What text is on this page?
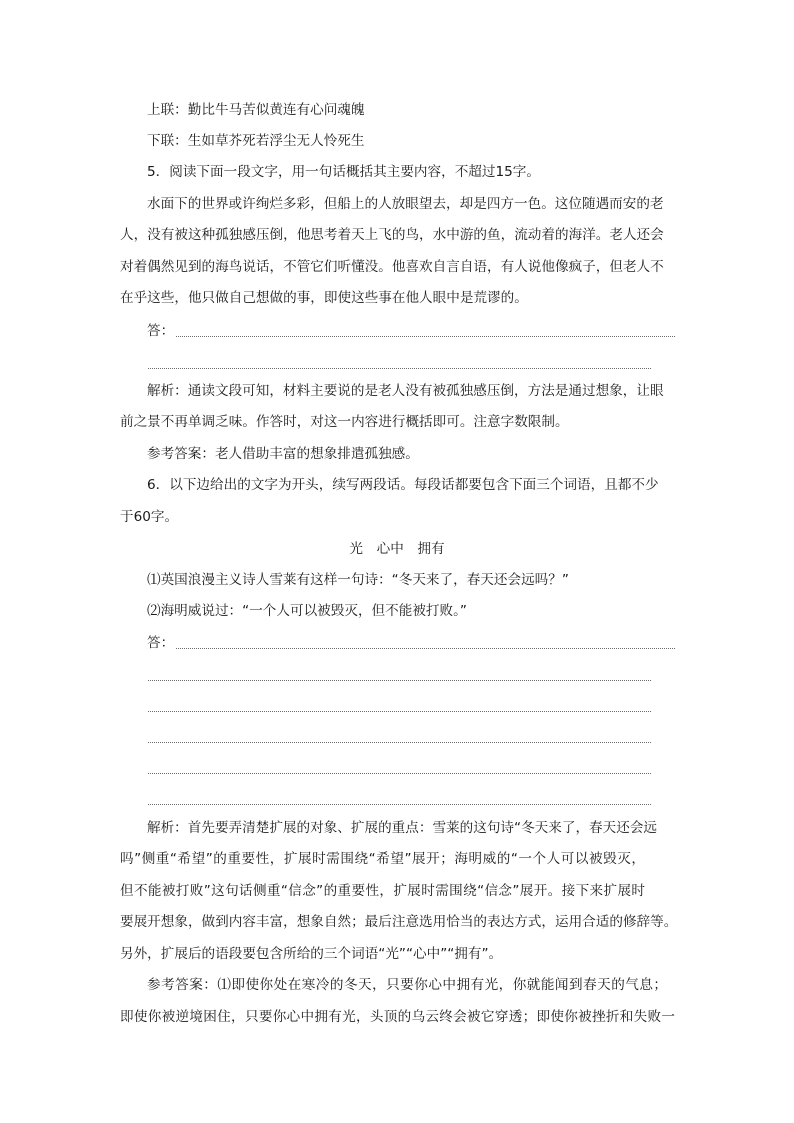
上联：勤比牛马苦似黄连有心问魂魄
下联：生如草芥死若浮尘无人怜死生
5．阅读下面一段文字，用一句话概括其主要内容，不超过15字。
水面下的世界或许绚烂多彩，但船上的人放眼望去，却是四方一色。这位随遇而安的老
人，没有被这种孤独感压倒，他思考着天上飞的鸟，水中游的鱼，流动着的海洋。老人还会
对着偶然见到的海鸟说话，不管它们听懂没。他喜欢自言自语，有人说他像疯子，但老人不
在乎这些，他只做自己想做的事，即使这些事在他人眼中是荒谬的。
答：
解析：通读文段可知，材料主要说的是老人没有被孤独感压倒，方法是通过想象，让眼
前之景不再单调乏味。作答时，对这一内容进行概括即可。注意字数限制。
参考答案：老人借助丰富的想象排遣孤独感。
6．以下边给出的文字为开头，续写两段话。每段话都要包含下面三个词语，且都不少
于60字。
光　心中　拥有
⑴英国浪漫主义诗人雪莱有这样一句诗：“冬天来了，春天还会远吗？”
⑵海明威说过：“一个人可以被毁灭，但不能被打败。”
答：
解析：首先要弄清楚扩展的对象、扩展的重点：雪莱的这句诗“冬天来了，春天还会远
吗”侧重“希望”的重要性，扩展时需围绕“希望”展开；海明威的“一个人可以被毁灭，
但不能被打败”这句话侧重“信念”的重要性，扩展时需围绕“信念”展开。接下来扩展时
要展开想象，做到内容丰富，想象自然；最后注意选用恰当的表达方式，运用合适的修辞等。
另外，扩展后的语段要包含所给的三个词语“光”“心中”“拥有”。
参考答案：⑴即使你处在寒冷的冬天，只要你心中拥有光，你就能闻到春天的气息；
即使你被逆境困住，只要你心中拥有光，头顶的乌云终会被它穿透；即使你被挫折和失败一
